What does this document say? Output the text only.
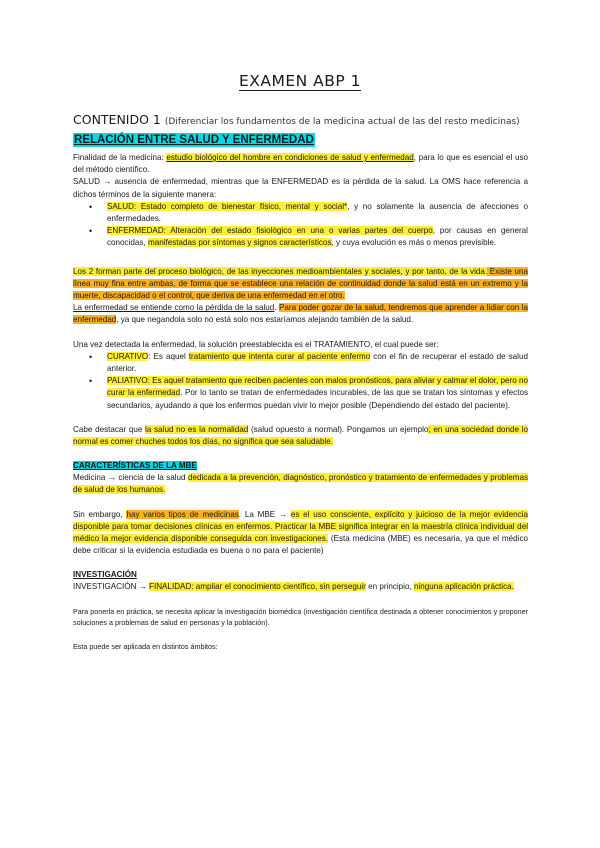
EXAMEN ABP 1
CONTENIDO 1 (Diferenciar los fundamentos de la medicina actual de las del resto medicinas)
RELACIÓN ENTRE SALUD Y ENFERMEDAD

Finalidad de la medicina: estudio biológico del hombre en condiciones de salud y enfermedad, para lo que es esencial el uso del método científico.

SALUD → ausencia de enfermedad, mientras que la ENFERMEDAD es la pérdida de la salud. La OMS hace referencia a dichos términos de la siguiente manera:

• SALUD: Estado completo de bienestar físico, mental y social*, y no solamente la ausencia de afecciones o enfermedades.
• ENFERMEDAD: Alteración del estado fisiológico en una o varias partes del cuerpo, por causas en general conocidas, manifestadas por síntomas y signos característicos, y cuya evolución es más o menos previsible.

Los 2 forman parte del proceso biológico, de las inyecciones medioambientales y sociales, y por tanto, de la vida. Existe una línea muy fina entre ambas, de forma que se establece una relación de continuidad donde la salud está en un extremo y la muerte, discapacidad o el control, que deriva de una enfermedad en el otro.

La enfermedad se entiende como la pérdida de la salud. Para poder gozar de la salud, tendremos que aprender a lidiar con la enfermedad, ya que negandola solo no está solo nos estaríamos alejando también de la salud.

Una vez detectada la enfermedad, la solución preestablecida es el TRATAMIENTO, el cual puede ser:

• CURATIVO: Es aquel tratamiento que intenta curar al paciente enfermo con el fin de recuperar el estado de salud anterior.
• PALIATIVO: Es aquel tratamiento que reciben pacientes con malos pronósticos, para aliviar y calmar el dolor, pero no curar la enfermedad. Por lo tanto se tratan de enfermedades incurables, de las que se tratan los síntomas y efectos secundarios, ayudando a que los enfermos puedan vivir lo mejor posible (Dependiendo del estado del paciente).

Cabe destacar que la salud no es la normalidad (salud opuesto a normal). Pongamos un ejemplo; en una sociedad donde lo normal es comer chuches todos los días, no significa que sea saludable.

CARACTERÍSTICAS DE LA MBE

Medicina → ciencia de la salud dedicada a la prevención, diagnóstico, pronóstico y tratamiento de enfermedades y problemas de salud de los humanos.

Sin embargo, hay varios tipos de medicinas. La MBE → es el uso consciente, explícito y juicioso de la mejor evidencia disponible para tomar decisiones clínicas en enfermos. Practicar la MBE significa integrar en la maestría clínica individual del médico la mejor evidencia disponible conseguida con investigaciones. (Esta medicina (MBE) es necesaria, ya que el médico debe criticar si la evidencia estudiada es buena o no para el paciente)

INVESTIGACIÓN

INVESTIGACIÓN → FINALIDAD: ampliar el conocimiento científico, sin perseguir en principio, ninguna aplicación práctica.

Para ponerla en práctica, se necesita aplicar la investigación biomédica (investigación científica destinada a obtener conocimientos y proponer soluciones a problemas de salud en personas y la población).

Esta puede ser aplicada en distintos ámbitos:
